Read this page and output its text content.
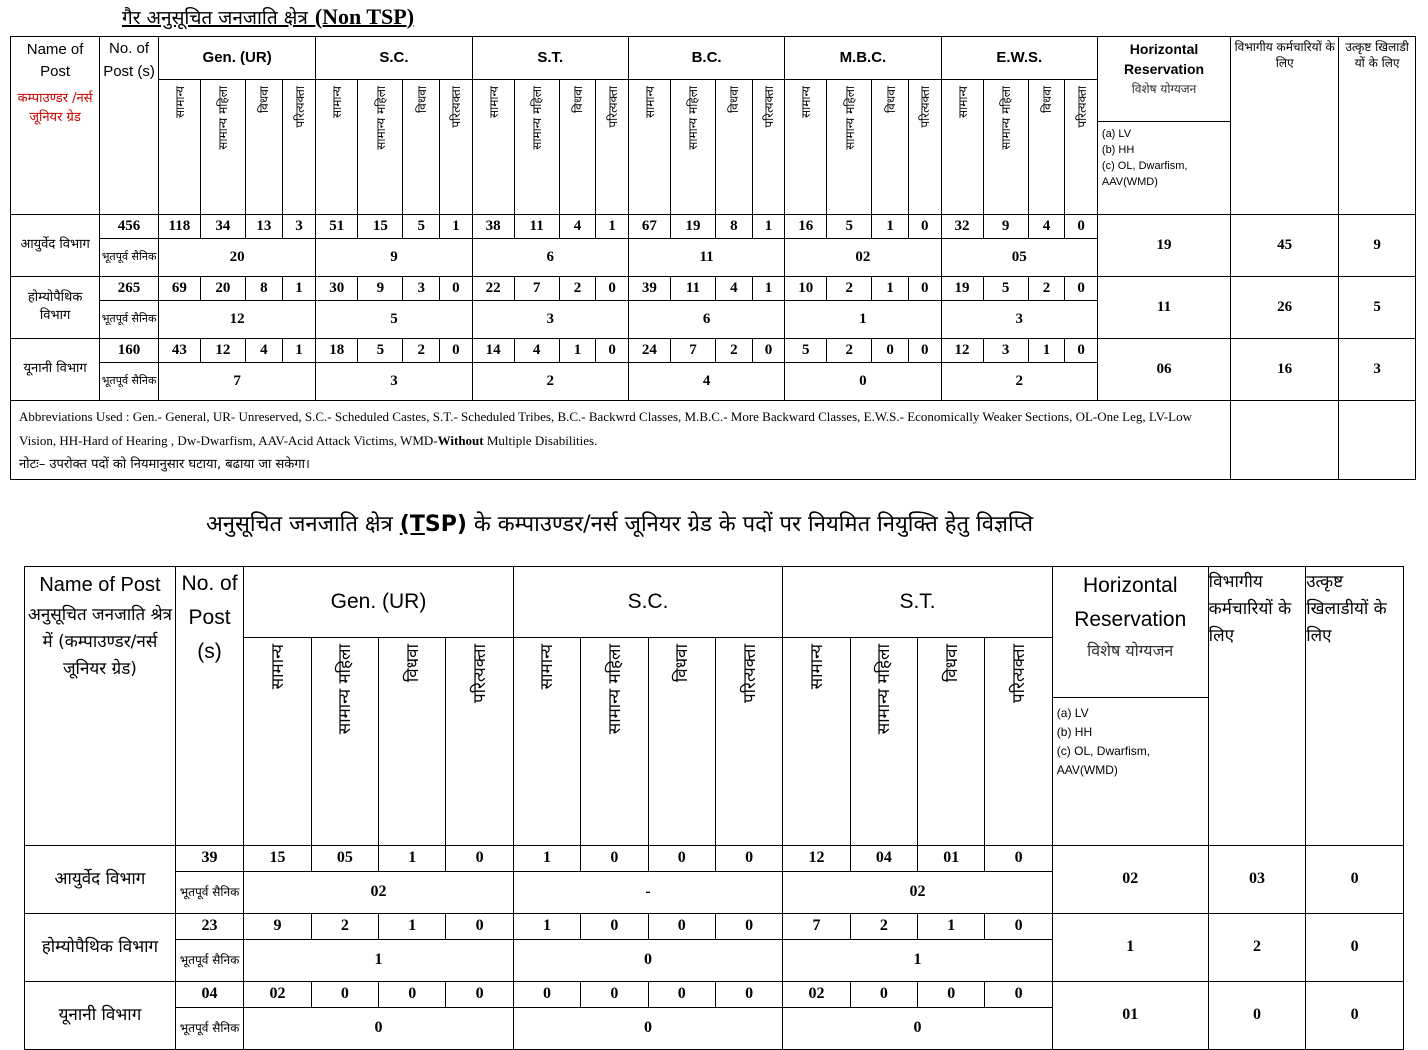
गैर अनुसूचित जनजाति क्षेत्र (Non TSP)
Name of Post
कम्पाउण्डर /नर्स जूनियर ग्रेड	No. of Post (s)	Gen. (UR)				S.C.				S.T.				B.C.				M.B.C.				E.W.S.				Horizontal Reservation	विभागीय कर्मचारियों के लिए	उत्कृष्ट खिलाडी यों के लिए
		सामान्य	सामान्य महिला	विधवा	परित्यक्ता	सामान्य	सामान्य महिला	विधवा	परित्यक्ता	सामान्य	सामान्य महिला	विधवा	परित्यक्ता	सामान्य	सामान्य महिला	विधवा	परित्यक्ता	सामान्य	सामान्य महिला	विधवा	परित्यक्ता	सामान्य	सामान्य महिला	विधवा	परित्यक्ता	विशेष योग्यजन		

																										(a) LV
(b) HH
(c) OL, Dwarfism,
AAV(WMD)		

आयुर्वेद विभाग	456	118	34	13	3	51	15	5	1	38	11	4	1	67	19	8	1	16	5	1	0	32	9	4	0	19	45	9
	भूतपूर्व सैनिक	20				9				6				11				02				05						
होम्योपैथिक विभाग	265	69	20	8	1	30	9	3	0	22	7	2	0	39	11	4	1	10	2	1	0	19	5	2	0	11	26	5
	भूतपूर्व सैनिक	12				5				3				6				1				3						
यूनानी विभाग	160	43	12	4	1	18	5	2	0	14	4	1	0	24	7	2	0	5	2	0	0	12	3	1	0	06	16	3
	भूतपूर्व सैनिक	7				3				2				4				0				2						

Abbreviations Used : Gen.- General, UR- Unreserved, S.C.- Scheduled Castes, S.T.- Scheduled Tribes, B.C.- Backwrd Classes, M.B.C.- More Backward Classes, E.W.S.- Economically Weaker Sections, OL-One Leg, LV-Low Vision, HH-Hard of Hearing , Dw-Dwarfism, AAV-Acid Attack Victims, WMD-Without Multiple Disabilities.
नोटः– उपरोक्त पदों को नियमानुसार घटाया, बढाया जा सकेगा।																												

अनुसूचित जनजाति क्षेत्र (TSP) के कम्पाउण्डर/नर्स जूनियर ग्रेड के पदों पर नियमित नियुक्ति हेतु विज्ञप्ति
Name of Post
अनुसूचित जनजाति श्रेत्र में (कम्पाउण्डर/नर्स जूनियर ग्रेड)	No. of Post (s)	Gen. (UR)				S.C.				S.T.				Horizontal Reservation	विभागीय कर्मचारियों के लिए	उत्कृष्ट खिलाडीयों के लिए
		सामान्य	सामान्य महिला	विधवा	परित्यक्ता	सामान्य	सामान्य महिला	विधवा	परित्यक्ता	सामान्य	सामान्य महिला	विधवा	परित्यक्ता	विशेष योग्यजन		

														(a) LV
(b) HH
(c) OL, Dwarfism,
AAV(WMD)		

आयुर्वेद विभाग	39	15	05	1	0	1	0	0	0	12	04	01	0	02	03	0
	भूतपूर्व सैनिक	02				-				02						
होम्योपैथिक विभाग	23	9	2	1	0	1	0	0	0	7	2	1	0	1	2	0
	भूतपूर्व सैनिक	1				0				1						
यूनानी विभाग	04	02	0	0	0	0	0	0	0	02	0	0	0	01	0	0
	भूतपूर्व सैनिक	0				0				0						
